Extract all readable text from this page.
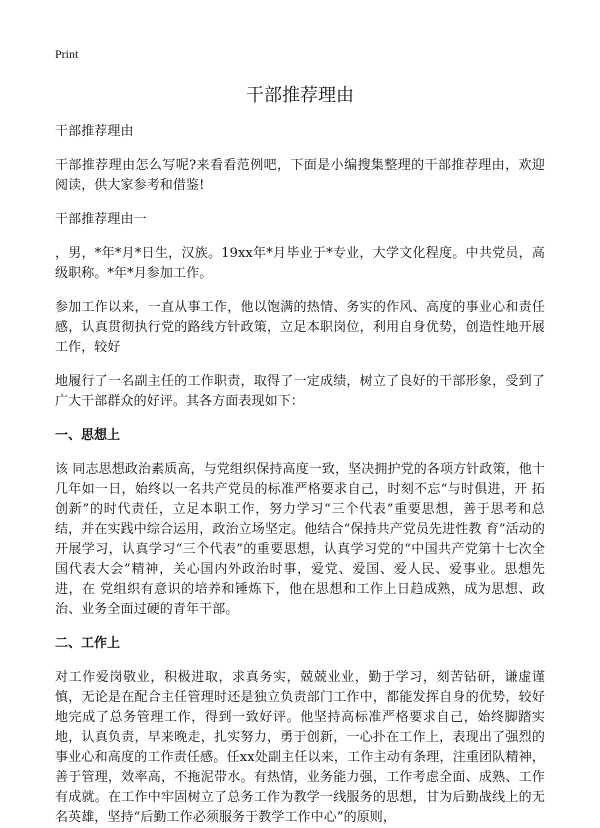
Print
干部推荐理由

干部推荐理由

干部推荐理由怎么写呢?来看看范例吧，下面是小编搜集整理的干部推荐理由，欢迎阅读，供大家参考和借鉴!

干部推荐理由一

，男，*年*月*日生，汉族。19xx年*月毕业于*专业，大学文化程度。中共党员，高级职称。*年*月参加工作。

参加工作以来，一直从事工作，他以饱满的热情、务实的作风、高度的事业心和责任感，认真贯彻执行党的路线方针政策，立足本职岗位，利用自身优势，创造性地开展工作，较好

地履行了一名副主任的工作职责，取得了一定成绩，树立了良好的干部形象，受到了广大干部群众的好评。其各方面表现如下：

一、思想上

该 同志思想政治素质高，与党组织保持高度一致，坚决拥护党的各项方针政策，他十几年如一日，始终以一名共产党员的标准严格要求自己，时刻不忘“与时俱进，开 拓创新”的时代责任，立足本职工作，努力学习“三个代表”重要思想，善于思考和总结，并在实践中综合运用，政治立场坚定。他结合“保持共产党员先进性教 育”活动的开展学习，认真学习“三个代表”的重要思想，认真学习党的“中国共产党第十七次全国代表大会”精神，关心国内外政治时事，爱党、爱国、爱人民、爱事业。思想先进，在 党组织有意识的培养和锤炼下，他在思想和工作上日趋成熟，成为思想、政治、业务全面过硬的青年干部。

二、工作上

对工作爱岗敬业，积极进取，求真务实，兢兢业业，勤于学习，刻苦钻研，谦虚谨慎，无论是在配合主任管理时还是独立负责部门工作中，都能发挥自身的优势，较好地完成了总务管理工作，得到一致好评。他坚持高标准严格要求自己，始终脚踏实地，认真负责，早来晚走，扎实努力，勇于创新，一心扑在工作上，表现出了强烈的事业心和高度的工作责任感。任xx处副主任以来，工作主动有条理，注重团队精神，善于管理，效率高，不拖泥带水。有热情，业务能力强，工作考虑全面、成熟、工作有成就。在工作中牢固树立了总务工作为教学一线服务的思想，甘为后勤战线上的无名英雄，坚持“后勤工作必须服务于教学工作中心”的原则，
